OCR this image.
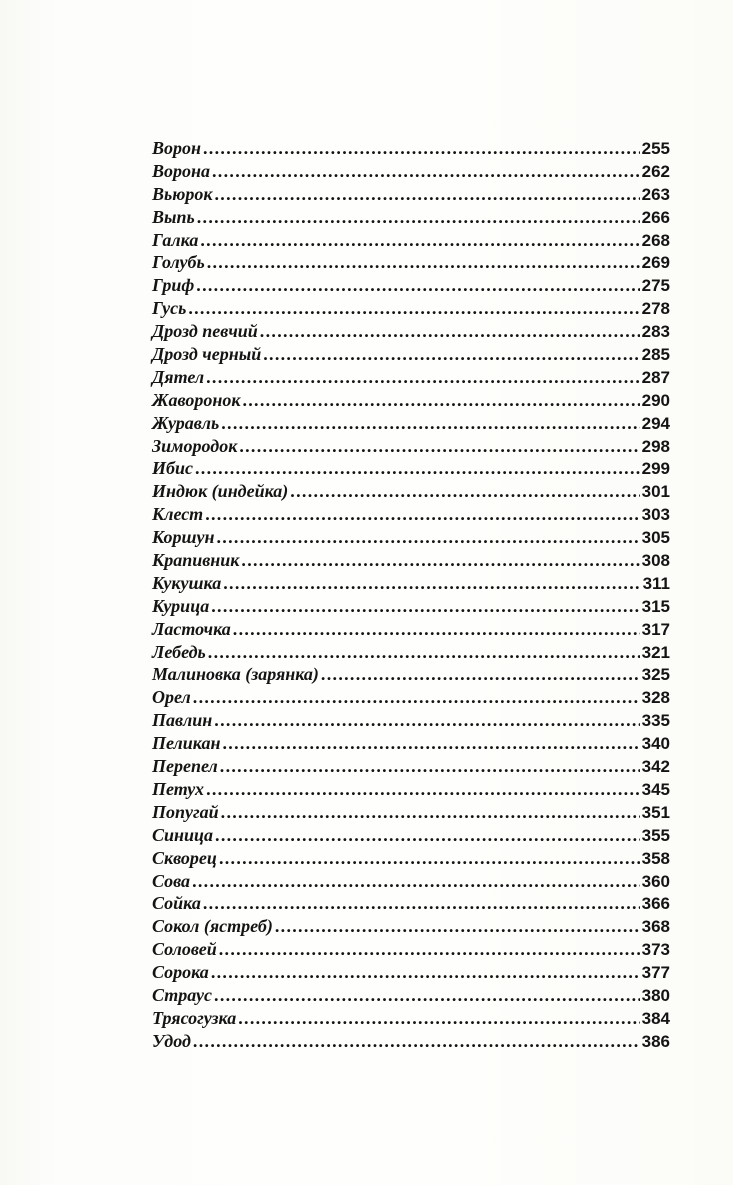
Ворон . . .	255
Ворона . . .	262
Вьюрок . . .	263
Выпь . . .	266
Галка . . .	268
Голубь . . .	269
Гриф . . .	275
Гусь . . .	278
Дрозд певчий . . .	283
Дрозд черный . . .	285
Дятел . . .	287
Жаворонок . . .	290
Журавль . . .	294
Зимородок . . .	298
Ибис . . .	299
Индюк (индейка) . . .	301
Клест . . .	303
Коршун . . .	305
Крапивник . . .	308
Кукушка . . .	311
Курица . . .	315
Ласточка . . .	317
Лебедь . . .	321
Малиновка (зарянка) . . .	325
Орел . . .	328
Павлин . . .	335
Пеликан . . .	340
Перепел . . .	342
Петух . . .	345
Попугай . . .	351
Синица . . .	355
Скворец . . .	358
Сова . . .	360
Сойка . . .	366
Сокол (ястреб) . . .	368
Соловей . . .	373
Сорока . . .	377
Страус . . .	380
Трясогузка . . .	384
Удод . . .	386
